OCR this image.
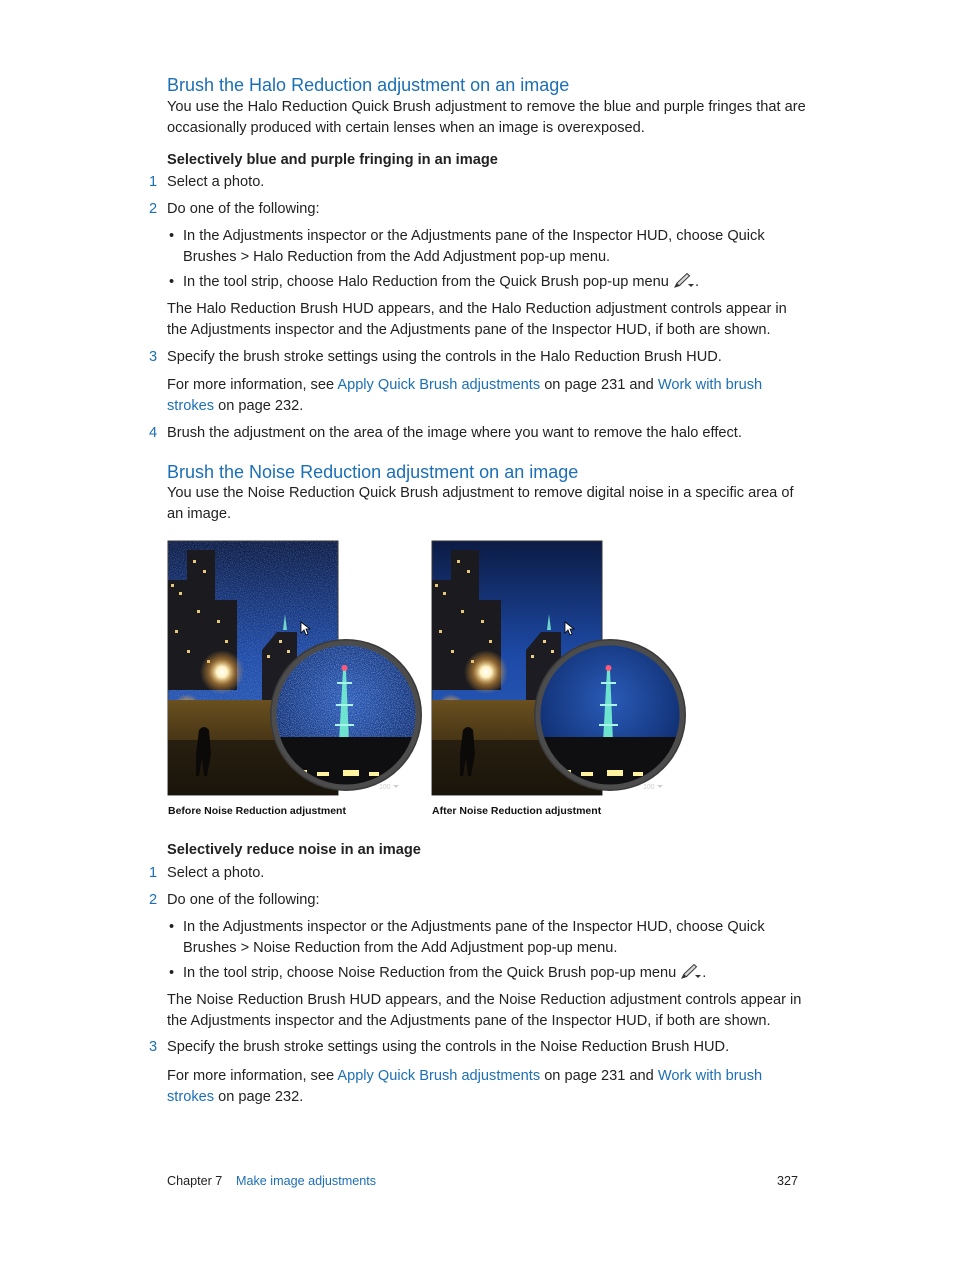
Brush the Halo Reduction adjustment on an image
You use the Halo Reduction Quick Brush adjustment to remove the blue and purple fringes that are occasionally produced with certain lenses when an image is overexposed.
Selectively blue and purple fringing in an image
1 Select a photo.
2 Do one of the following:
• In the Adjustments inspector or the Adjustments pane of the Inspector HUD, choose Quick Brushes > Halo Reduction from the Add Adjustment pop-up menu.
• In the tool strip, choose Halo Reduction from the Quick Brush pop-up menu .
The Halo Reduction Brush HUD appears, and the Halo Reduction adjustment controls appear in the Adjustments inspector and the Adjustments pane of the Inspector HUD, if both are shown.
3 Specify the brush stroke settings using the controls in the Halo Reduction Brush HUD.
For more information, see Apply Quick Brush adjustments on page 231 and Work with brush strokes on page 232.
4 Brush the adjustment on the area of the image where you want to remove the halo effect.
Brush the Noise Reduction adjustment on an image
You use the Noise Reduction Quick Brush adjustment to remove digital noise in a specific area of an image.
100	100
Before Noise Reduction adjustment	After Noise Reduction adjustment
Selectively reduce noise in an image
1 Select a photo.
2 Do one of the following:
• In the Adjustments inspector or the Adjustments pane of the Inspector HUD, choose Quick Brushes > Noise Reduction from the Add Adjustment pop-up menu.
• In the tool strip, choose Noise Reduction from the Quick Brush pop-up menu .
The Noise Reduction Brush HUD appears, and the Noise Reduction adjustment controls appear in the Adjustments inspector and the Adjustments pane of the Inspector HUD, if both are shown.
3 Specify the brush stroke settings using the controls in the Noise Reduction Brush HUD.
For more information, see Apply Quick Brush adjustments on page 231 and Work with brush strokes on page 232.
Chapter 7 Make image adjustments	327
